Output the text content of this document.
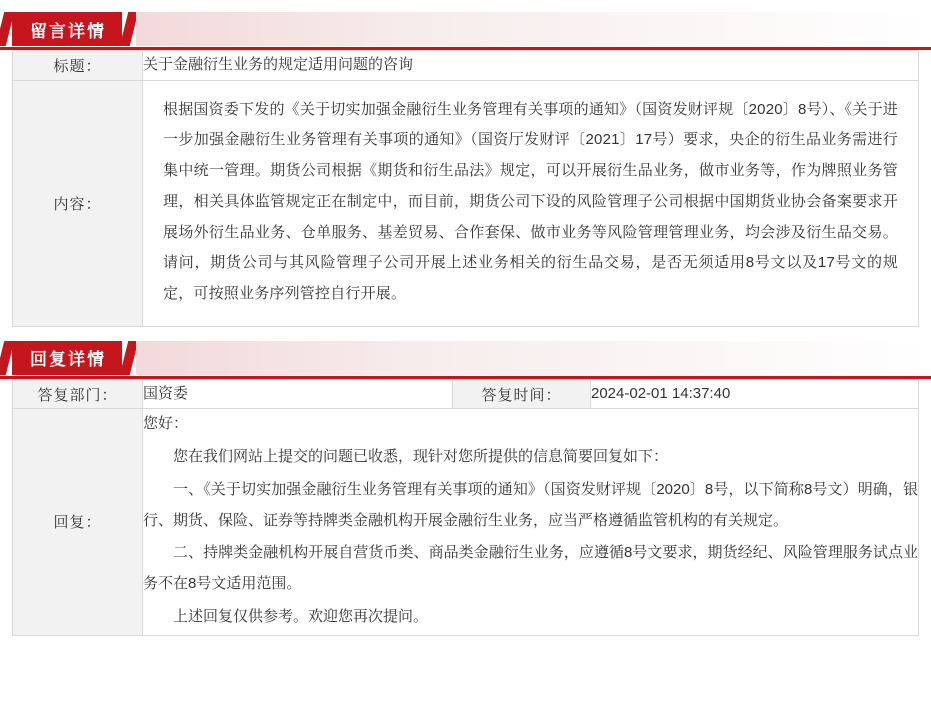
留言详情
标题：	关于金融衍生业务的规定适用问题的咨询
内容：	根据国资委下发的《关于切实加强金融衍生业务管理有关事项的通知》（国资发财评规〔2020〕8号）、《关于进一步加强金融衍生业务管理有关事项的通知》（国资厅发财评〔2021〕17号）要求，央企的衍生品业务需进行集中统一管理。期货公司根据《期货和衍生品法》规定，可以开展衍生品业务，做市业务等，作为牌照业务管理，相关具体监管规定正在制定中，而目前，期货公司下设的风险管理子公司根据中国期货业协会备案要求开展场外衍生品业务、仓单服务、基差贸易、合作套保、做市业务等风险管理管理业务，均会涉及衍生品交易。请问，期货公司与其风险管理子公司开展上述业务相关的衍生品交易，是否无须适用8号文以及17号文的规定，可按照业务序列管控自行开展。
回复详情
答复部门：	国资委	答复时间：	2024-02-01 14:37:40
回复：	您好：

您在我们网站上提交的问题已收悉，现针对您所提供的信息简要回复如下：

一、《关于切实加强金融衍生业务管理有关事项的通知》（国资发财评规〔2020〕8号，以下简称8号文）明确，银行、期货、保险、证券等持牌类金融机构开展金融衍生业务，应当严格遵循监管机构的有关规定。

二、持牌类金融机构开展自营货币类、商品类金融衍生业务，应遵循8号文要求，期货经纪、风险管理服务试点业务不在8号文适用范围。

上述回复仅供参考。欢迎您再次提问。		
